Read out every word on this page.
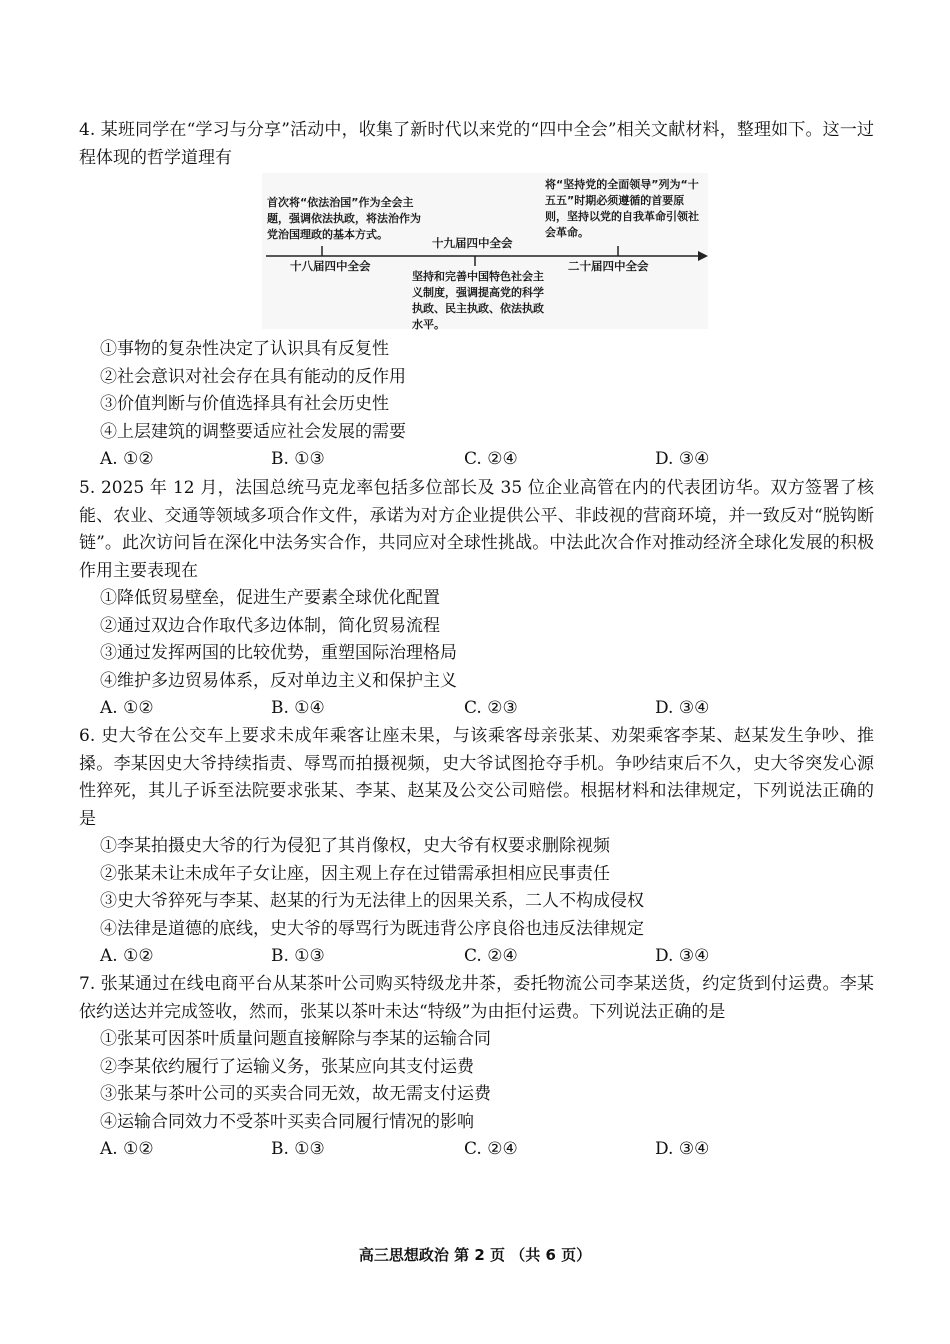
4. 某班同学在“学习与分享”活动中，收集了新时代以来党的“四中全会”相关文献材料，整理如下。这一过程体现的哲学道理有

首次将“依法治国”作为全会主题，强调依法执政，将法治作为党治国理政的基本方式。
十八届四中全会
十九届四中全会
坚持和完善中国特色社会主义制度，强调提高党的科学执政、民主执政、依法执政水平。
将“坚持党的全面领导”列为“十五五”时期必须遵循的首要原则，坚持以党的自我革命引领社会革命。
二十届四中全会

①事物的复杂性决定了认识具有反复性

②社会意识对社会存在具有能动的反作用

③价值判断与价值选择具有社会历史性

④上层建筑的调整要适应社会发展的需要

A. ①②	B. ①③	C. ②④	D. ③④

5. 2025 年 12 月，法国总统马克龙率包括多位部长及 35 位企业高管在内的代表团访华。双方签署了核能、农业、交通等领域多项合作文件，承诺为对方企业提供公平、非歧视的营商环境，并一致反对“脱钩断链”。此次访问旨在深化中法务实合作，共同应对全球性挑战。中法此次合作对推动经济全球化发展的积极作用主要表现在

①降低贸易壁垒，促进生产要素全球优化配置

②通过双边合作取代多边体制，简化贸易流程

③通过发挥两国的比较优势，重塑国际治理格局

④维护多边贸易体系，反对单边主义和保护主义

A. ①②	B. ①④	C. ②③	D. ③④

6. 史大爷在公交车上要求未成年乘客让座未果，与该乘客母亲张某、劝架乘客李某、赵某发生争吵、推搡。李某因史大爷持续指责、辱骂而拍摄视频，史大爷试图抢夺手机。争吵结束后不久，史大爷突发心源性猝死，其儿子诉至法院要求张某、李某、赵某及公交公司赔偿。根据材料和法律规定，下列说法正确的是

①李某拍摄史大爷的行为侵犯了其肖像权，史大爷有权要求删除视频

②张某未让未成年子女让座，因主观上存在过错需承担相应民事责任

③史大爷猝死与李某、赵某的行为无法律上的因果关系，二人不构成侵权

④法律是道德的底线，史大爷的辱骂行为既违背公序良俗也违反法律规定

A. ①②	B. ①③	C. ②④	D. ③④

7. 张某通过在线电商平台从某茶叶公司购买特级龙井茶，委托物流公司李某送货，约定货到付运费。李某依约送达并完成签收，然而，张某以茶叶未达“特级”为由拒付运费。下列说法正确的是

①张某可因茶叶质量问题直接解除与李某的运输合同

②李某依约履行了运输义务，张某应向其支付运费

③张某与茶叶公司的买卖合同无效，故无需支付运费

④运输合同效力不受茶叶买卖合同履行情况的影响

A. ①②	B. ①③	C. ②④	D. ③④
高三思想政治 第 2 页 （共 6 页）
